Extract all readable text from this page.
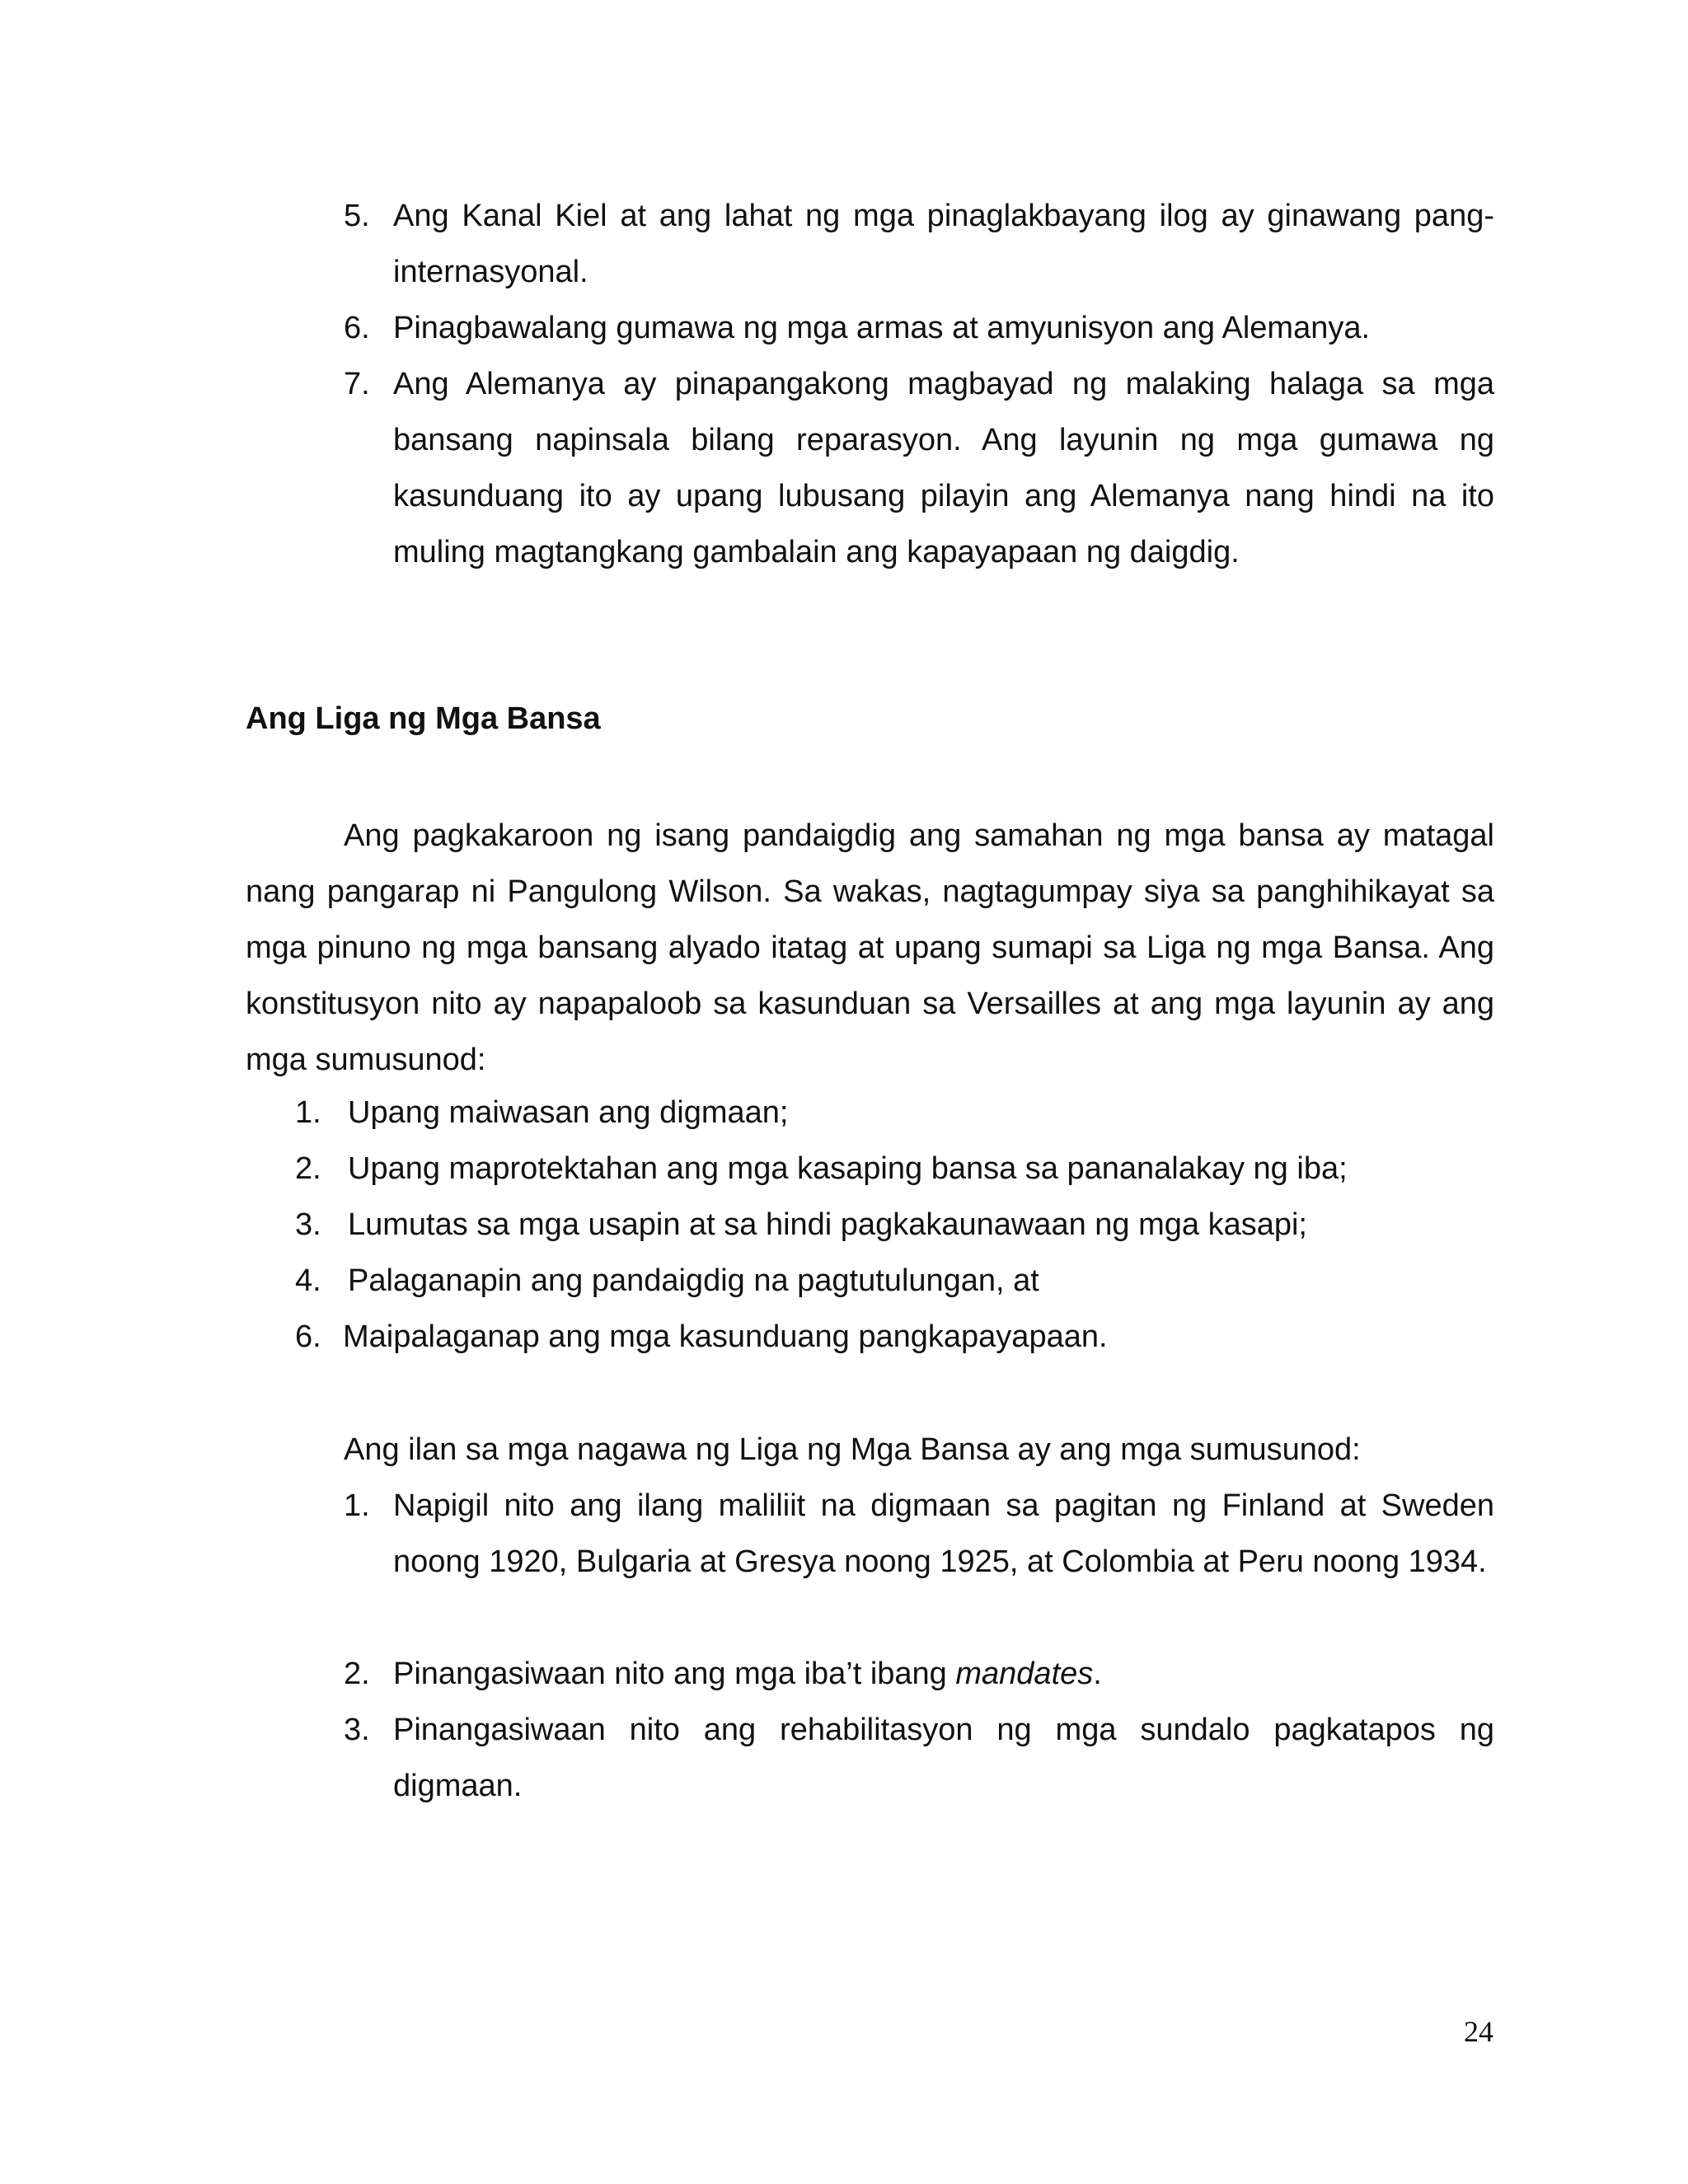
5. Ang Kanal Kiel at ang lahat ng mga pinaglakbayang ilog ay ginawang pang-internasyonal.
6. Pinagbawalang gumawa ng mga armas at amyunisyon ang Alemanya.
7. Ang Alemanya ay pinapangakong magbayad ng malaking halaga sa mga bansang napinsala bilang reparasyon. Ang layunin ng mga gumawa ng kasunduang ito ay upang lubusang pilayin ang Alemanya nang hindi na ito muling magtangkang gambalain ang kapayapaan ng daigdig.
Ang Liga ng Mga Bansa
Ang pagkakaroon ng isang pandaigdig ang samahan ng mga bansa ay matagal nang pangarap ni Pangulong Wilson. Sa wakas, nagtagumpay siya sa panghihikayat sa mga pinuno ng mga bansang alyado itatag at upang sumapi sa Liga ng mga Bansa. Ang konstitusyon nito ay napapaloob sa kasunduan sa Versailles at ang mga layunin ay ang mga sumusunod:
1. Upang maiwasan ang digmaan;
2. Upang maprotektahan ang mga kasaping bansa sa pananalakay ng iba;
3. Lumutas sa mga usapin at sa hindi pagkakaunawaan ng mga kasapi;
4. Palaganapin ang pandaigdig na pagtutulungan, at
6. Maipalaganap ang mga kasunduang pangkapayapaan.
Ang ilan sa mga nagawa ng Liga ng Mga Bansa ay ang mga sumusunod:
1. Napigil nito ang ilang maliliit na digmaan sa pagitan ng Finland at Sweden noong 1920, Bulgaria at Gresya noong 1925, at Colombia at Peru noong 1934.
2. Pinangasiwaan nito ang mga iba’t ibang mandates.
3. Pinangasiwaan nito ang rehabilitasyon ng mga sundalo pagkatapos ng digmaan.
24
